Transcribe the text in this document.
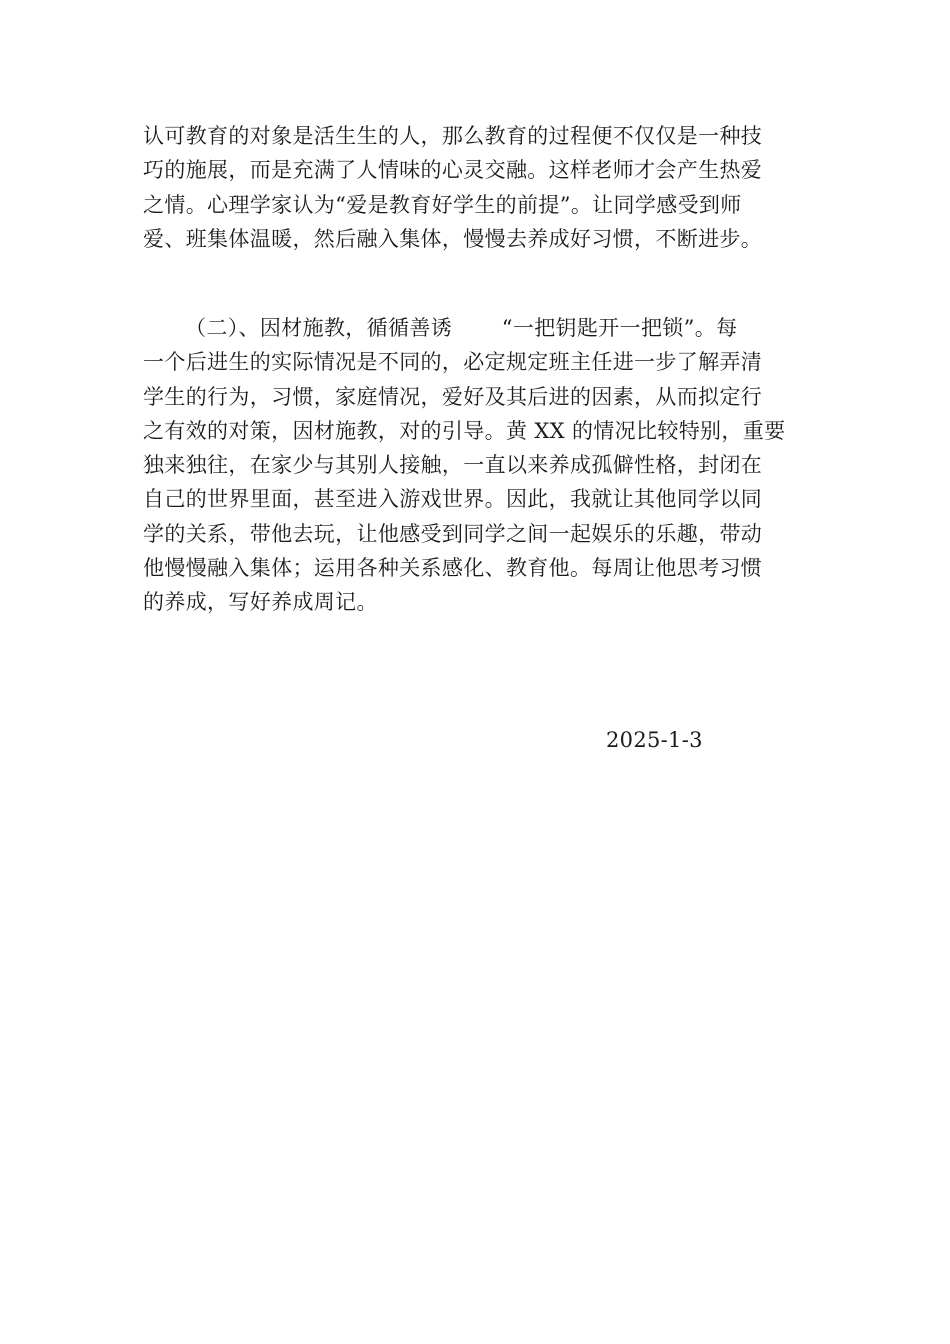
认可教育的对象是活生生的人，那么教育的过程便不仅仅是一种技
巧的施展，而是充满了人情味的心灵交融。这样老师才会产生热爱
之情。心理学家认为“爱是教育好学生的前提”。让同学感受到师
爱、班集体温暖，然后融入集体，慢慢去养成好习惯，不断进步。
（二）、因材施教，循循善诱　　 “一把钥匙开一把锁”。每
一个后进生的实际情况是不同的，必定规定班主任进一步了解弄清
学生的行为，习惯，家庭情况，爱好及其后进的因素，从而拟定行
之有效的对策，因材施教，对的引导。黄 XX 的情况比较特别，重要
独来独往，在家少与其别人接触，一直以来养成孤僻性格，封闭在
自己的世界里面，甚至进入游戏世界。因此，我就让其他同学以同
学的关系，带他去玩，让他感受到同学之间一起娱乐的乐趣，带动
他慢慢融入集体；运用各种关系感化、教育他。每周让他思考习惯
的养成，写好养成周记。
2025-1-3
